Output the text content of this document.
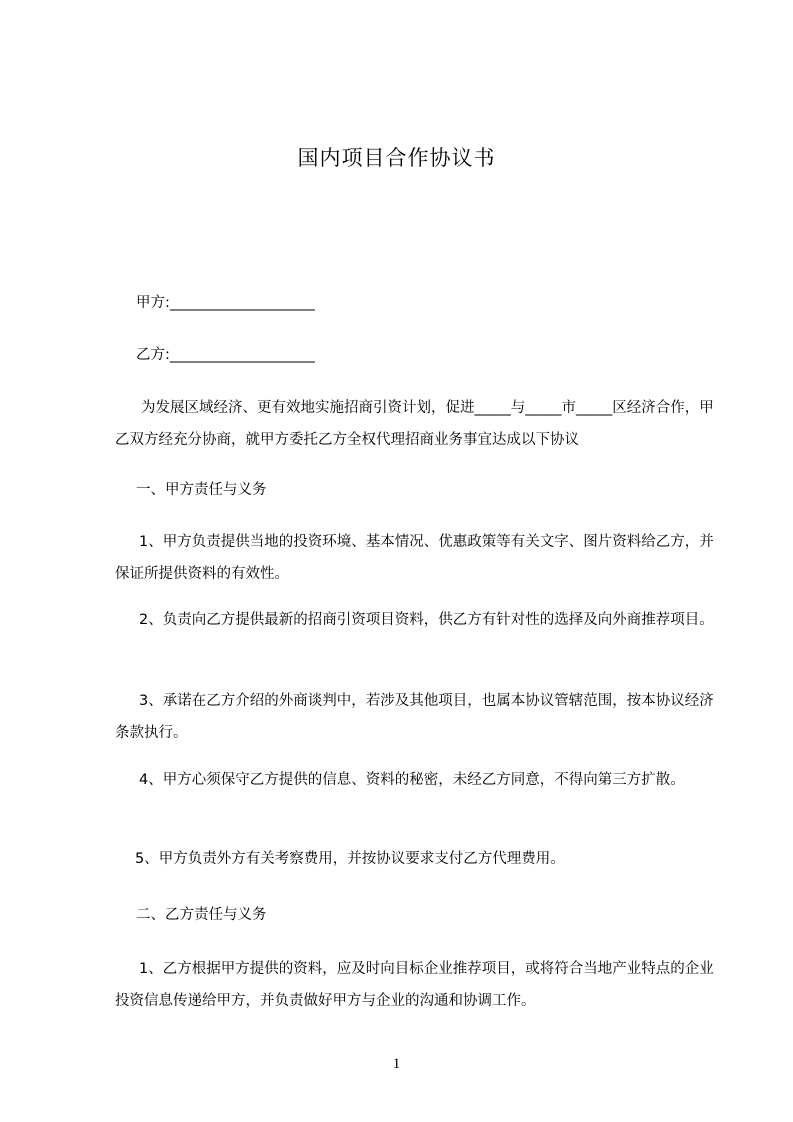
国内项目合作协议书
甲方:____________________
乙方:____________________

为发展区域经济、更有效地实施招商引资计划，促进_____与_____市_____区经济合作，甲乙双方经充分协商，就甲方委托乙方全权代理招商业务事宜达成以下协议

一、甲方责任与义务

1、甲方负责提供当地的投资环境、基本情况、优惠政策等有关文字、图片资料给乙方，并保证所提供资料的有效性。

2、负责向乙方提供最新的招商引资项目资料，供乙方有针对性的选择及向外商推荐项目。

3、承诺在乙方介绍的外商谈判中，若涉及其他项目，也属本协议管辖范围，按本协议经济条款执行。

4、甲方心须保守乙方提供的信息、资料的秘密，未经乙方同意，不得向第三方扩散。

5、甲方负责外方有关考察费用，并按协议要求支付乙方代理费用。

二、乙方责任与义务

1、乙方根据甲方提供的资料，应及时向目标企业推荐项目，或将符合当地产业特点的企业投资信息传递给甲方，并负责做好甲方与企业的沟通和协调工作。

1
